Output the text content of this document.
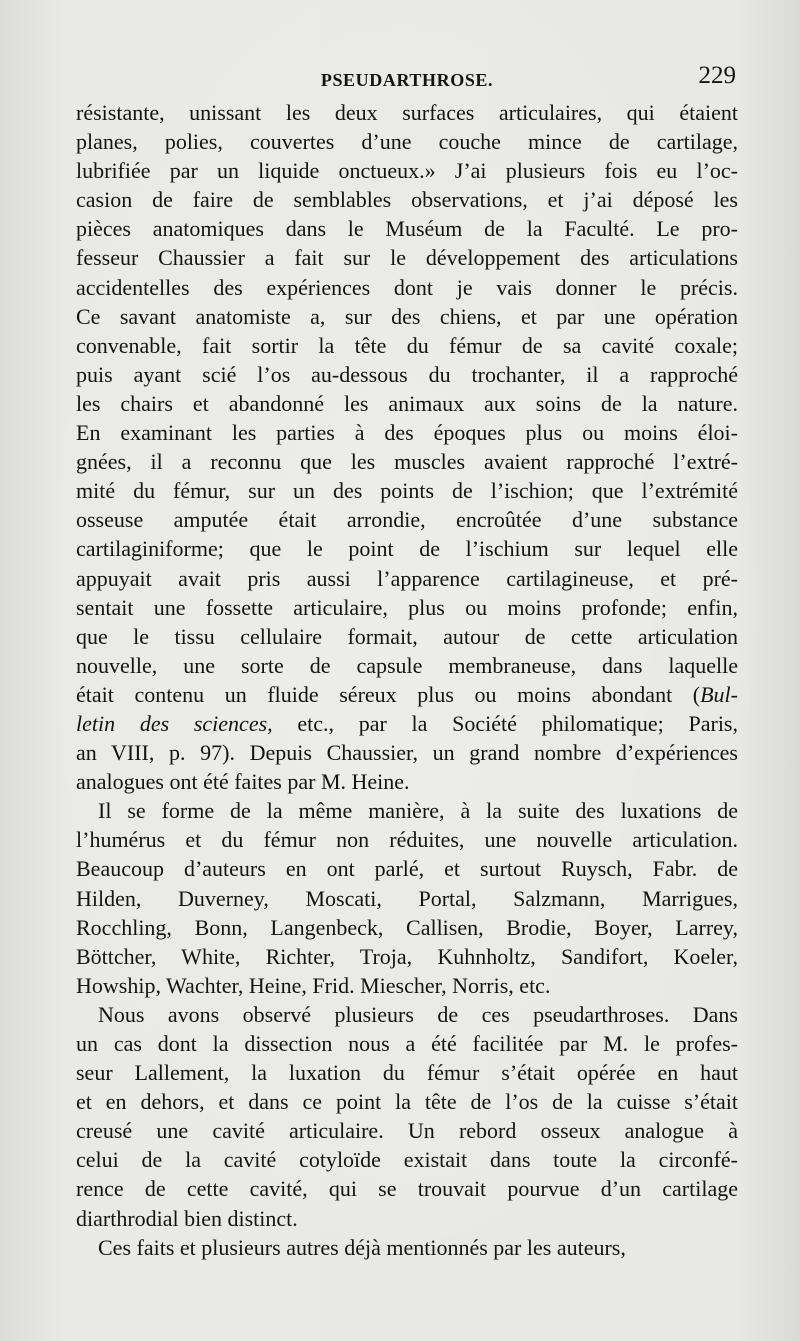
PSEUDARTHROSE.	229
résistante, unissant les deux surfaces articulaires, qui étaient
planes, polies, couvertes d’une couche mince de cartilage,
lubrifiée par un liquide onctueux.» J’ai plusieurs fois eu l’oc-
casion de faire de semblables observations, et j’ai déposé les
pièces anatomiques dans le Muséum de la Faculté. Le pro-
fesseur Chaussier a fait sur le développement des articulations
accidentelles des expériences dont je vais donner le précis.
Ce savant anatomiste a, sur des chiens, et par une opération
convenable, fait sortir la tête du fémur de sa cavité coxale;
puis ayant scié l’os au-dessous du trochanter, il a rapproché
les chairs et abandonné les animaux aux soins de la nature.
En examinant les parties à des époques plus ou moins éloi-
gnées, il a reconnu que les muscles avaient rapproché l’extré-
mité du fémur, sur un des points de l’ischion; que l’extrémité
osseuse amputée était arrondie, encroûtée d’une substance
cartilaginiforme; que le point de l’ischium sur lequel elle
appuyait avait pris aussi l’apparence cartilagineuse, et pré-
sentait une fossette articulaire, plus ou moins profonde; enfin,
que le tissu cellulaire formait, autour de cette articulation
nouvelle, une sorte de capsule membraneuse, dans laquelle
était contenu un fluide séreux plus ou moins abondant (Bul-
letin des sciences, etc., par la Société philomatique; Paris,
an VIII, p. 97). Depuis Chaussier, un grand nombre d’expériences
analogues ont été faites par M. Heine.
Il se forme de la même manière, à la suite des luxations de
l’humérus et du fémur non réduites, une nouvelle articulation.
Beaucoup d’auteurs en ont parlé, et surtout Ruysch, Fabr. de
Hilden, Duverney, Moscati, Portal, Salzmann, Marrigues,
Rocchling, Bonn, Langenbeck, Callisen, Brodie, Boyer, Larrey,
Böttcher, White, Richter, Troja, Kuhnholtz, Sandifort, Koeler,
Howship, Wachter, Heine, Frid. Miescher, Norris, etc.
Nous avons observé plusieurs de ces pseudarthroses. Dans
un cas dont la dissection nous a été facilitée par M. le profes-
seur Lallement, la luxation du fémur s’était opérée en haut
et en dehors, et dans ce point la tête de l’os de la cuisse s’était
creusé une cavité articulaire. Un rebord osseux analogue à
celui de la cavité cotyloïde existait dans toute la circonfé-
rence de cette cavité, qui se trouvait pourvue d’un cartilage
diarthrodial bien distinct.
Ces faits et plusieurs autres déjà mentionnés par les auteurs,
